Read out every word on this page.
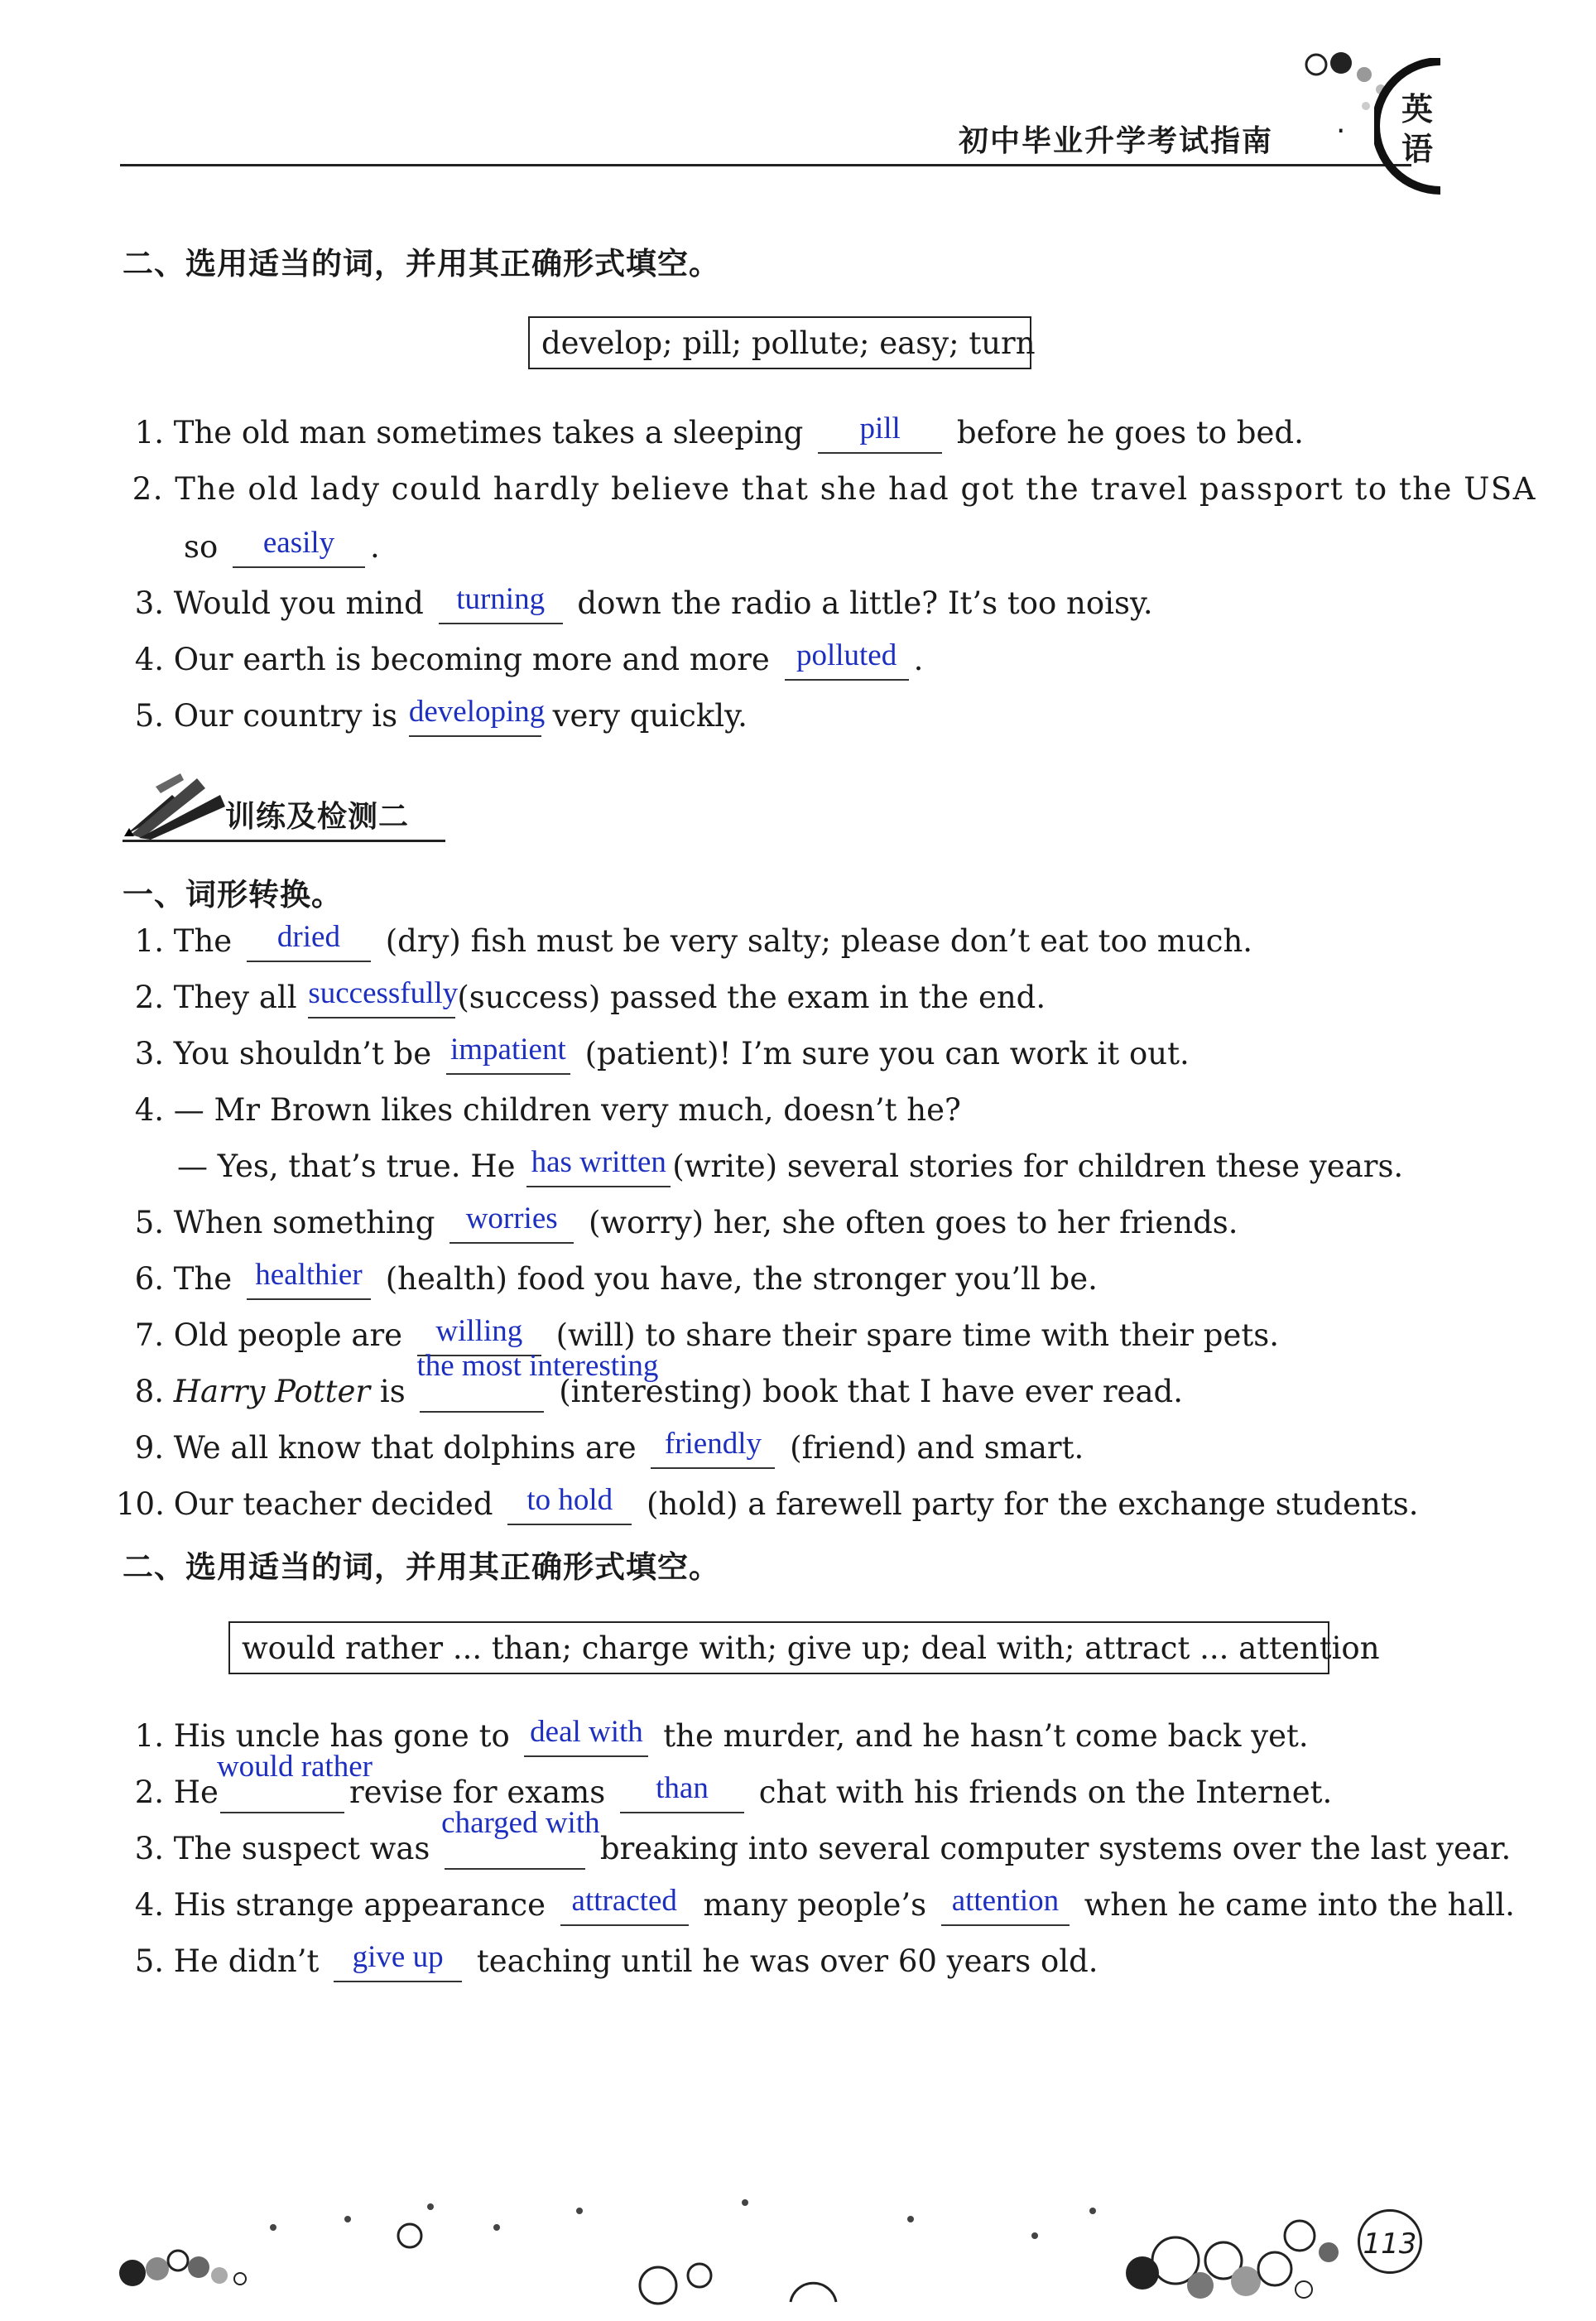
初中毕业升学考试指南 ·
英语
二、选用适当的词，并用其正确形式填空。
develop; pill; pollute; easy; turn
1. The old man sometimes takes a sleeping	pill	before he goes to bed.
2. The old lady could hardly believe that she had got the travel passport to the USA
so	easily	.
3. Would you mind	turning	down the radio a little? It’s too noisy.
4. Our earth is becoming more and more polluted .
5. Our country is developing very quickly.
训练及检测二
一、词形转换。
1. The	dried	(dry) fish must be very salty; please don’t eat too much.
2. They all successfully (success) passed the exam in the end.
3. You shouldn’t be impatient (patient)! I’m sure you can work it out.
4. — Mr Brown likes children very much, doesn’t he?
— Yes, that’s true. He has written (write) several stories for children these years.
5. When something	worries	(worry) her, she often goes to her friends.
6. The healthier (health) food you have, the stronger you’ll be.
7. Old people are	willing	(will) to share their spare time with their pets.
8. Harry Potter is
the most interesting
(interesting) book that I have ever read.
9. We all know that dolphins are friendly (friend) and smart.
10. Our teacher decided	to hold	(hold) a farewell party for the exchange students.
二、选用适当的词，并用其正确形式填空。
would rather ... than; charge with; give up; deal with; attract ... attention
1. His uncle has gone to deal with the murder, and he hasn’t come back yet.
2. He
would rather
revise for exams	than	chat with his friends on the Internet.
3. The suspect was
charged with
breaking into several computer systems over the last year.
4. His strange appearance attracted many people’s attention when he came into the hall.
5. He didn’t	give up	teaching until he was over 60 years old.
113
